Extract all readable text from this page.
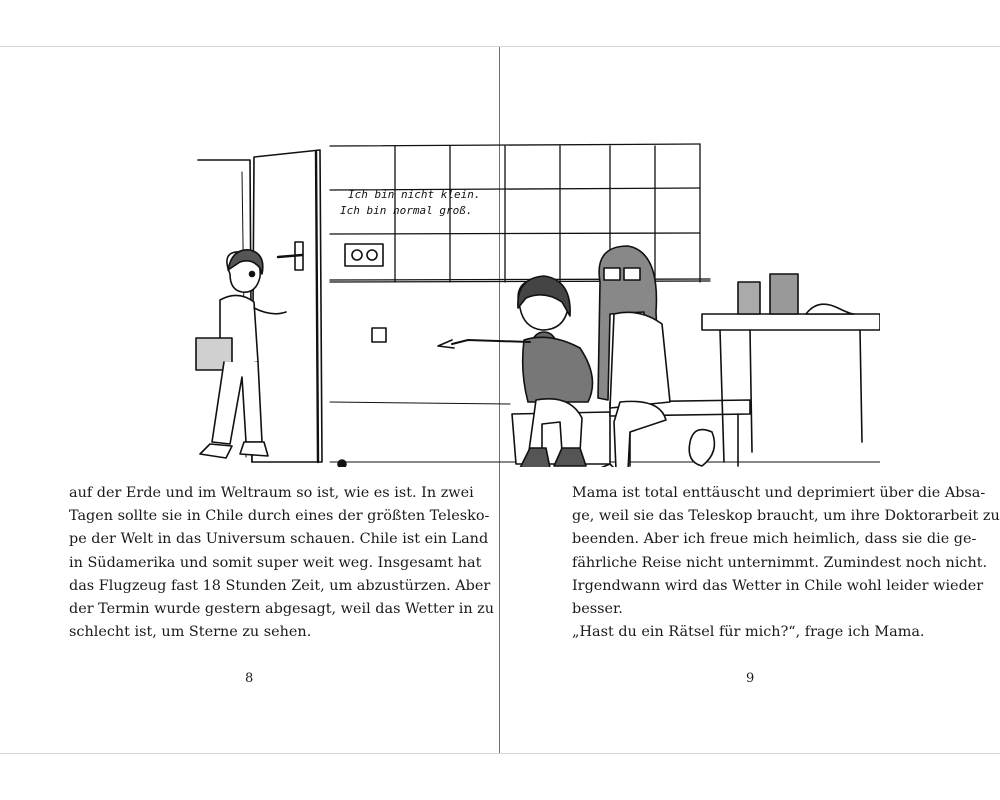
Ich bin nicht klein.
Ich bin normal groß.
auf der Erde und im Weltraum so ist, wie es ist. In zwei
Tagen sollte sie in Chile durch eines der größten Telesko-
pe der Welt in das Universum schauen. Chile ist ein Land
in Südamerika und somit super weit weg. Insgesamt hat
das Flugzeug fast 18 Stunden Zeit, um abzustürzen. Aber
der Termin wurde gestern abgesagt, weil das Wetter in zu
schlecht ist, um Sterne zu sehen.
Mama ist total enttäuscht und deprimiert über die Absa-
ge, weil sie das Teleskop braucht, um ihre Doktorarbeit zu
beenden. Aber ich freue mich heimlich, dass sie die ge-
fährliche Reise nicht unternimmt. Zumindest noch nicht.
Irgendwann wird das Wetter in Chile wohl leider wieder
besser.
„Hast du ein Rätsel für mich?“, frage ich Mama.
8	9
